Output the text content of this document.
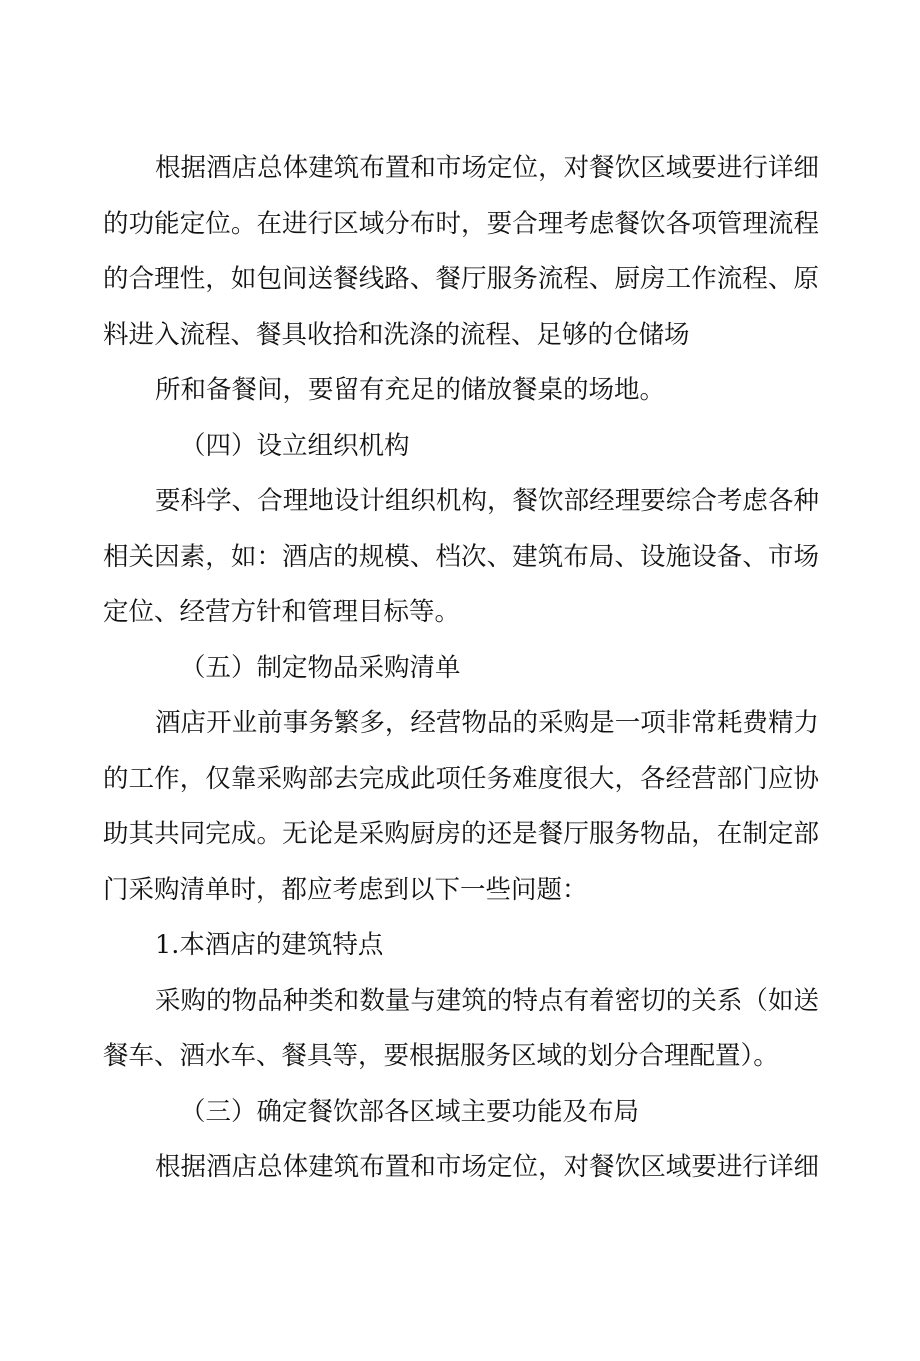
根据酒店总体建筑布置和市场定位，对餐饮区域要进行详细
的功能定位。在进行区域分布时，要合理考虑餐饮各项管理流程
的合理性，如包间送餐线路、餐厅服务流程、厨房工作流程、原
料进入流程、餐具收拾和洗涤的流程、足够的仓储场
所和备餐间，要留有充足的储放餐桌的场地。
（四）设立组织机构
要科学、合理地设计组织机构，餐饮部经理要综合考虑各种
相关因素，如：酒店的规模、档次、建筑布局、设施设备、市场
定位、经营方针和管理目标等。
（五）制定物品采购清单
酒店开业前事务繁多，经营物品的采购是一项非常耗费精力
的工作，仅靠采购部去完成此项任务难度很大，各经营部门应协
助其共同完成。无论是采购厨房的还是餐厅服务物品，在制定部
门采购清单时，都应考虑到以下一些问题：
1.本酒店的建筑特点
采购的物品种类和数量与建筑的特点有着密切的关系（如送
餐车、酒水车、餐具等，要根据服务区域的划分合理配置）。
（三）确定餐饮部各区域主要功能及布局
根据酒店总体建筑布置和市场定位，对餐饮区域要进行详细
